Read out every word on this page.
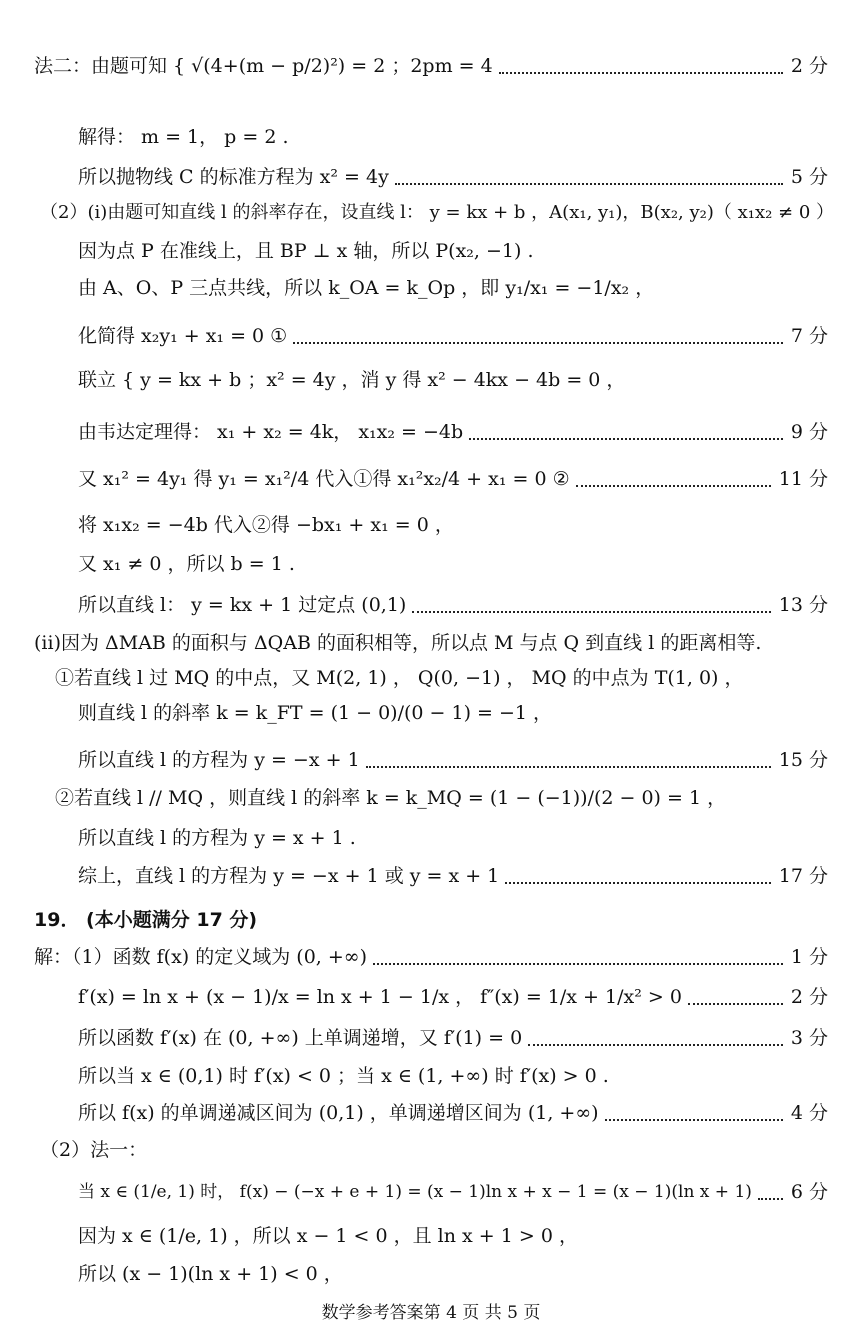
法二：由题可知 { √(4+(m − p/2)²) = 2 ；2pm = 4	2 分
解得： m = 1， p = 2 .
所以抛物线 C 的标准方程为 x² = 4y	5 分
（2）(i)由题可知直线 l 的斜率存在，设直线 l： y = kx + b ，A(x₁, y₁)，B(x₂, y₂)（ x₁x₂ ≠ 0 ）
因为点 P 在准线上，且 BP ⊥ x 轴，所以 P(x₂, −1) .
由 A、O、P 三点共线，所以 k_OA = k_Op ，即 y₁/x₁ = −1/x₂ ，
化简得 x₂y₁ + x₁ = 0 ①	7 分
联立 { y = kx + b ；x² = 4y ，消 y 得 x² − 4kx − 4b = 0 ，
由韦达定理得： x₁ + x₂ = 4k， x₁x₂ = −4b	9 分
又 x₁² = 4y₁ 得 y₁ = x₁²/4 代入①得 x₁²x₂/4 + x₁ = 0 ②	11 分
将 x₁x₂ = −4b 代入②得 −bx₁ + x₁ = 0 ，
又 x₁ ≠ 0 ，所以 b = 1 .
所以直线 l： y = kx + 1 过定点 (0,1)	13 分
(ii)因为 ΔMAB 的面积与 ΔQAB 的面积相等，所以点 M 与点 Q 到直线 l 的距离相等.
①若直线 l 过 MQ 的中点，又 M(2, 1) ， Q(0, −1) ， MQ 的中点为 T(1, 0) ，
则直线 l 的斜率 k = k_FT = (1 − 0)/(0 − 1) = −1 ，
所以直线 l 的方程为 y = −x + 1	15 分
②若直线 l // MQ ，则直线 l 的斜率 k = k_MQ = (1 − (−1))/(2 − 0) = 1 ，
所以直线 l 的方程为 y = x + 1 .
综上，直线 l 的方程为 y = −x + 1 或 y = x + 1	17 分
19． (本小题满分 17 分)
解：（1）函数 f(x) 的定义域为 (0, +∞)	1 分
f′(x) = ln x + (x − 1)/x = ln x + 1 − 1/x ， f″(x) = 1/x + 1/x² > 0	2 分
所以函数 f′(x) 在 (0, +∞) 上单调递增，又 f′(1) = 0	3 分
所以当 x ∈ (0,1) 时 f′(x) < 0 ；当 x ∈ (1, +∞) 时 f′(x) > 0 .
所以 f(x) 的单调递减区间为 (0,1) ，单调递增区间为 (1, +∞)	4 分
（2）法一：
当 x ∈ (1/e, 1) 时， f(x) − (−x + e + 1) = (x − 1)ln x + x − 1 = (x − 1)(ln x + 1) 6 分
因为 x ∈ (1/e, 1) ，所以 x − 1 < 0 ，且 ln x + 1 > 0 ，
所以 (x − 1)(ln x + 1) < 0 ，
数学参考答案第 4 页 共 5 页
